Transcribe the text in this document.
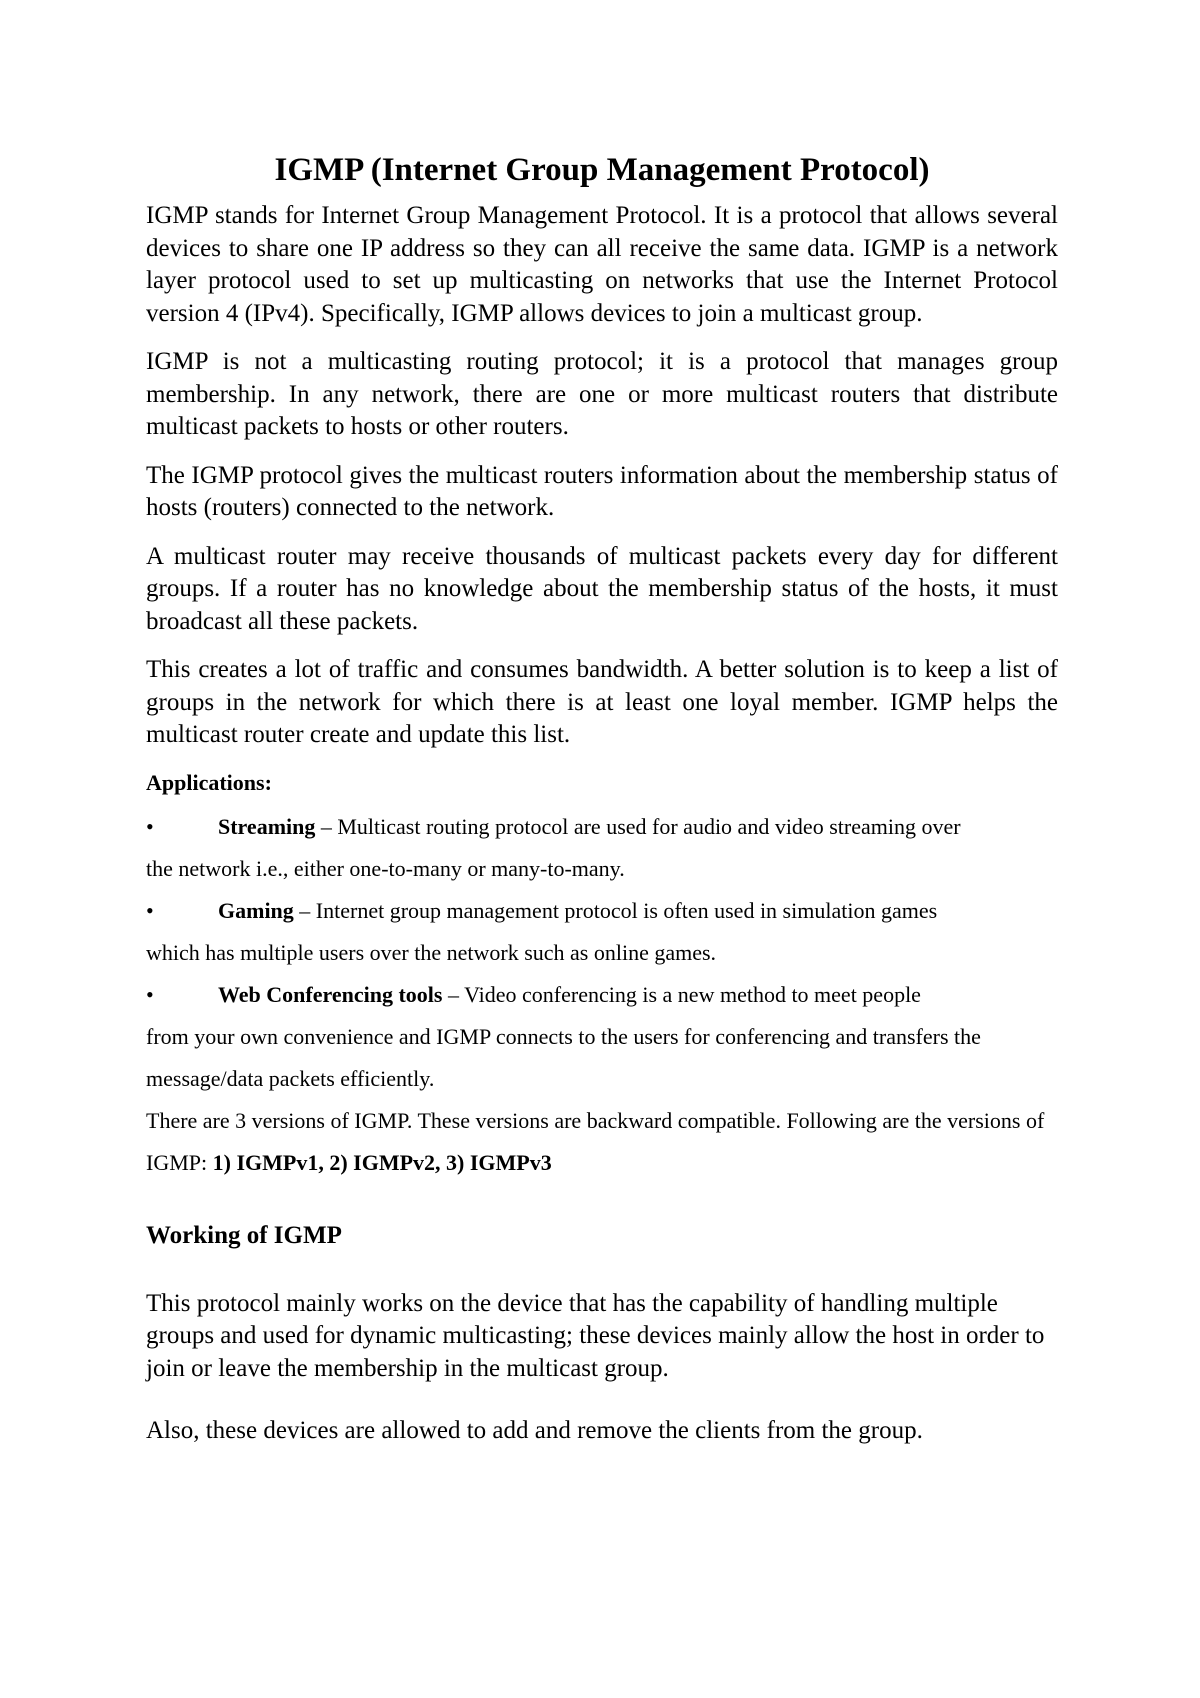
IGMP (Internet Group Management Protocol)

IGMP stands for Internet Group Management Protocol. It is a protocol that allows several devices to share one IP address so they can all receive the same data. IGMP is a network layer protocol used to set up multicasting on networks that use the Internet Protocol version 4 (IPv4). Specifically, IGMP allows devices to join a multicast group.

IGMP is not a multicasting routing protocol; it is a protocol that manages group membership. In any network, there are one or more multicast routers that distribute multicast packets to hosts or other routers.

The IGMP protocol gives the multicast routers information about the membership status of hosts (routers) connected to the network.

A multicast router may receive thousands of multicast packets every day for different groups. If a router has no knowledge about the membership status of the hosts, it must broadcast all these packets.

This creates a lot of traffic and consumes bandwidth. A better solution is to keep a list of groups in the network for which there is at least one loyal member. IGMP helps the multicast router create and update this list.

Applications:
•	Streaming – Multicast routing protocol are used for audio and video streaming over
the network i.e., either one-to-many or many-to-many.
•	Gaming – Internet group management protocol is often used in simulation games
which has multiple users over the network such as online games.
•	Web Conferencing tools – Video conferencing is a new method to meet people
from your own convenience and IGMP connects to the users for conferencing and transfers the message/data packets efficiently.

There are 3 versions of IGMP. These versions are backward compatible. Following are the versions of IGMP: 1) IGMPv1, 2) IGMPv2, 3) IGMPv3

Working of IGMP

This protocol mainly works on the device that has the capability of handling multiple groups and used for dynamic multicasting; these devices mainly allow the host in order to join or leave the membership in the multicast group.

Also, these devices are allowed to add and remove the clients from the group.
